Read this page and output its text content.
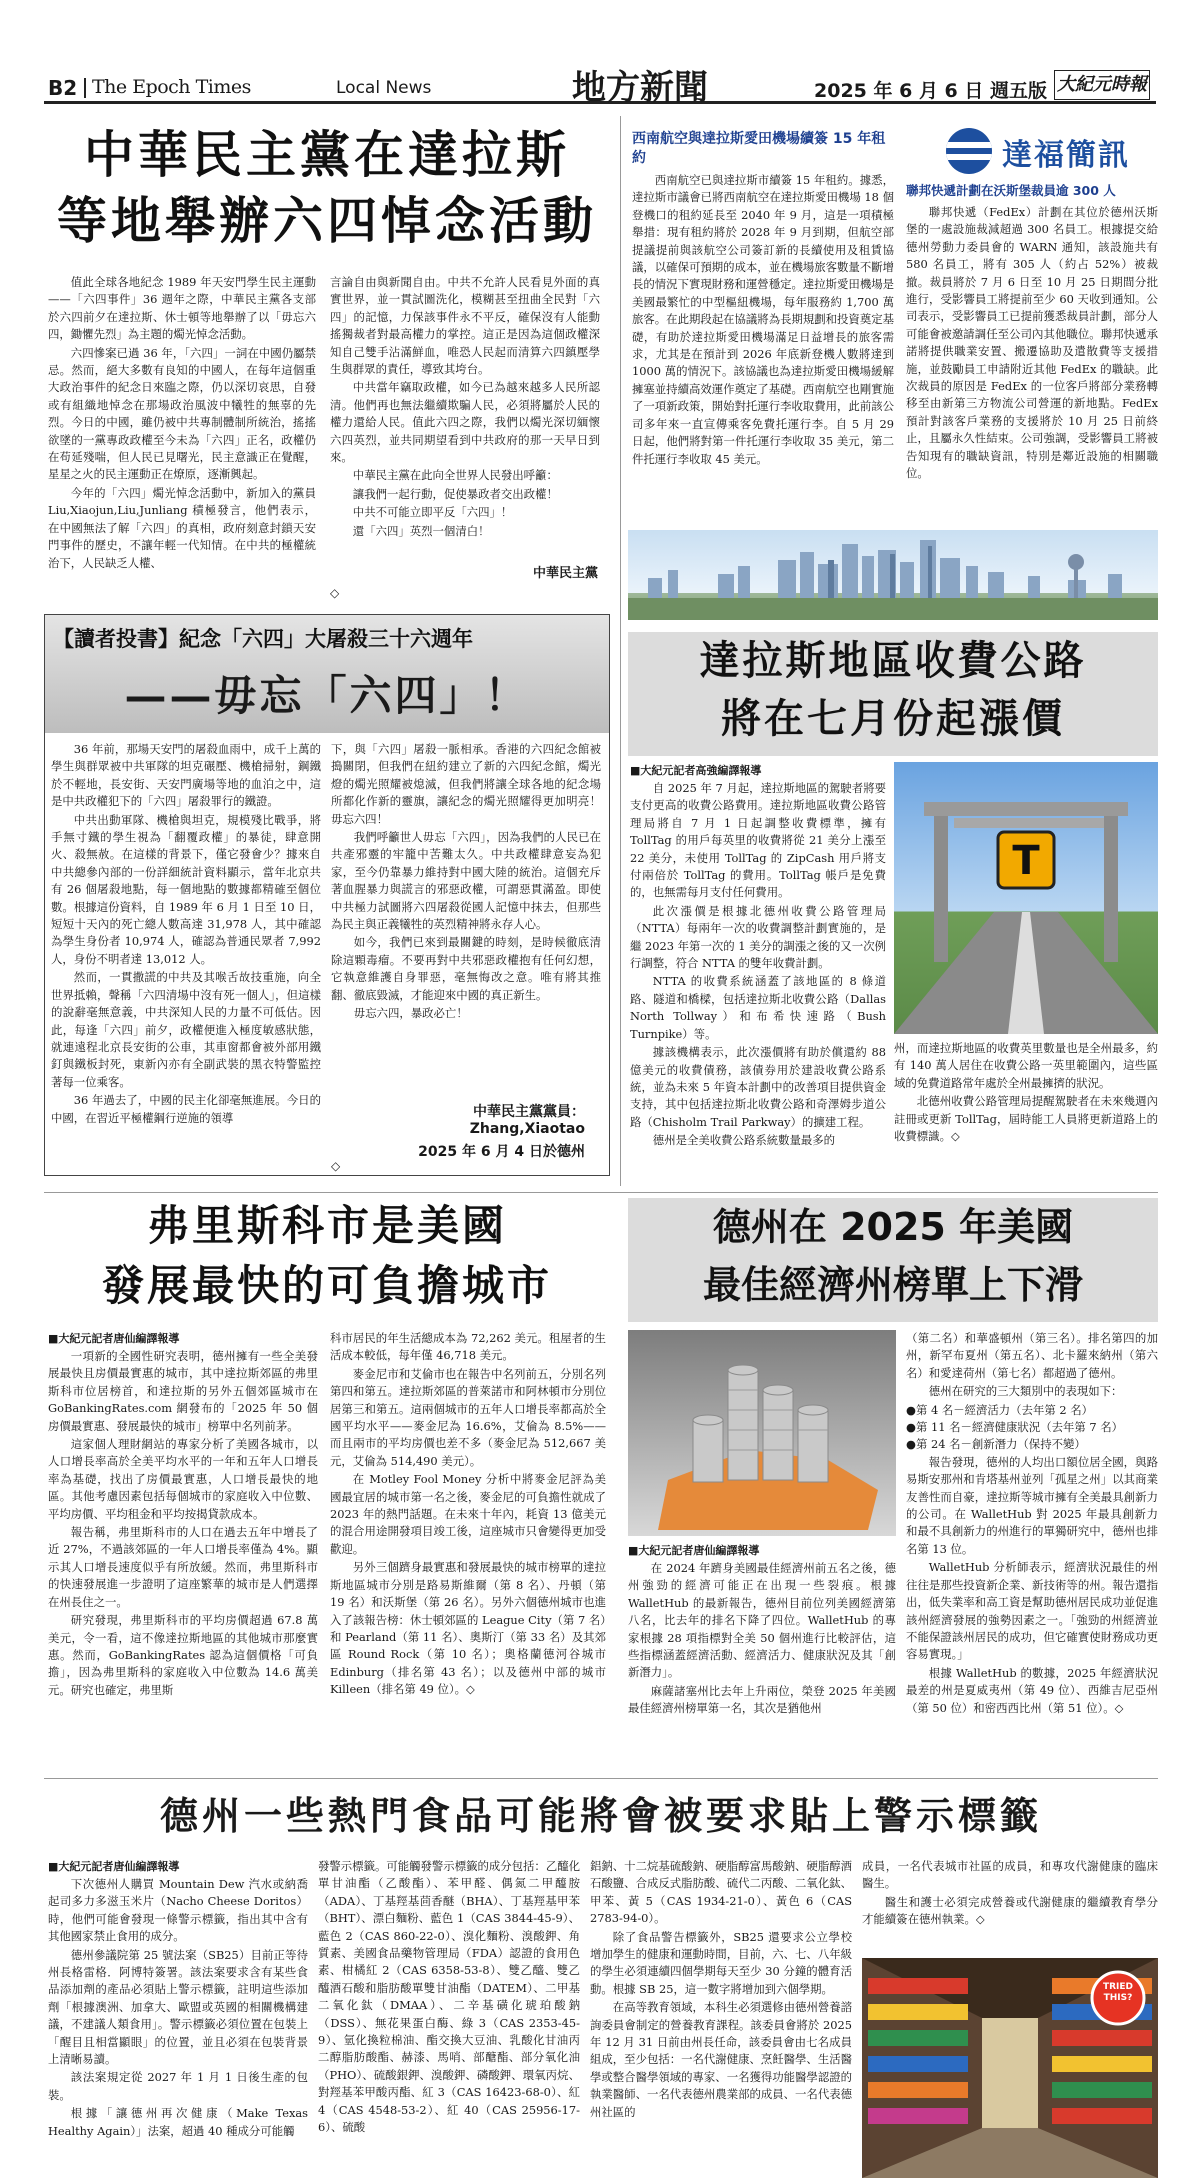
B2 The Epoch Times	Local News	地方新聞	2025 年 6 月 6 日 週五版 大紀元時報
中華民主黨在達拉斯
等地舉辦六四悼念活動

值此全球各地紀念 1989 年天安門學生民主運動——「六四事件」36 週年之際，中華民主黨各支部於六四前夕在達拉斯、休士頓等地舉辦了以「毋忘六四，鋤懼先烈」為主題的燭光悼念活動。

六四慘案已過 36 年，「六四」一詞在中國仍屬禁忌。然而，絕大多數有良知的中國人，在每年這個重大政治事件的紀念日來臨之際，仍以深切哀思，自發或有組織地悼念在那場政治風波中犧牲的無辜的先烈。今日的中國，雖仍被中共專制體制所統治，搖搖欲墜的一黨專政政權至今未為「六四」正名，政權仍在苟延殘喘，但人民已見曙光，民主意識正在覺醒，星星之火的民主運動正在燎原，逐漸興起。

今年的「六四」燭光悼念活動中，新加入的黨員 Liu,Xiaojun,Liu,Junliang 積極發言，他們表示，在中國無法了解「六四」的真相，政府刻意封鎖天安門事件的歷史，不讓年輕一代知情。在中共的極權統治下，人民缺乏人權、

言論自由與新聞自由。中共不允許人民看見外面的真實世界，並一貫試圖洗化，模糊甚至扭曲全民對「六四」的記憶，力保該事件永不平反，確保沒有人能動搖獨裁者對最高權力的掌控。這正是因為這個政權深知自己雙手沾滿鮮血，唯恐人民起而清算六四鎮壓學生與群眾的責任，導致其垮台。

中共當年竊取政權，如今已為越來越多人民所認清。他們再也無法繼續欺騙人民，必須將屬於人民的權力還給人民。值此六四之際，我們以燭光深切緬懷六四英烈，並共同期望看到中共政府的那一天早日到來。

中華民主黨在此向全世界人民發出呼籲：

讓我們一起行動，促使暴政者交出政權！

中共不可能立即平反「六四」！

還「六四」英烈一個清白！

中華民主黨
◇
西南航空與達拉斯愛田機場續簽 15 年租約

西南航空已與達拉斯市續簽 15 年租約。據悉，達拉斯市議會已將西南航空在達拉斯愛田機場 18 個登機口的租約延長至 2040 年 9 月，這是一項積極舉措：現有租約將於 2028 年 9 月到期，但航空部提議提前與該航空公司簽訂新的長續使用及租賃協議，以確保可預期的成本，並在機場旅客數量不斷增長的情況下實現財務和運營穩定。達拉斯愛田機場是美國最繁忙的中型樞紐機場，每年服務約 1,700 萬旅客。在此期段起在協議將為長期規劃和投資奠定基礎，有助於達拉斯愛田機場滿足日益增長的旅客需求，尤其是在預計到 2026 年底新登機人數將達到 1000 萬的情況下。該協議也為達拉斯愛田機場緩解擁塞並持續高效運作奠定了基礎。西南航空也剛實施了一項新政策，開始對托運行李收取費用，此前該公司多年來一直宣傳乘客免費托運行李。自 5 月 29 日起，他們將對第一件托運行李收取 35 美元，第二件托運行李收取 45 美元。

達福簡訊
聯邦快遞計劃在沃斯堡裁員逾 300 人

聯邦快遞（FedEx）計劃在其位於德州沃斯堡的一處設施裁減超過 300 名員工。根據提交給德州勞動力委員會的 WARN 通知，該設施共有 580 名員工，將有 305 人（約占 52%）被裁撤。裁員將於 7 月 6 日至 10 月 25 日期間分批進行，受影響員工將提前至少 60 天收到通知。公司表示，受影響員工已提前獲悉裁員計劃，部分人可能會被邀請調任至公司內其他職位。聯邦快遞承諾將提供職業安置、搬遷協助及遣散費等支援措施，並鼓勵員工申請附近其他 FedEx 的職缺。此次裁員的原因是 FedEx 的一位客戶將部分業務轉移至由新第三方物流公司營運的新地點。FedEx 預計對該客戶業務的支援將於 10 月 25 日前終止，且屬永久性結束。公司強調，受影響員工將被告知現有的職缺資訊，特別是鄰近設施的相關職位。

【讀者投書】紀念「六四」大屠殺三十六週年
——毋忘「六四」！

36 年前，那場天安門的屠殺血雨中，成千上萬的學生與群眾被中共軍隊的坦克碾壓、機槍掃射，鋼鐵於不輕地，長安街、天安門廣場等地的血泊之中，這是中共政權犯下的「六四」屠殺罪行的鐵證。

中共出動軍隊、機槍與坦克，規模殘比戰爭，將手無寸鐵的學生視為「翻覆政權」的暴徒，肆意開火、殺無赦。在這樣的背景下，僅它發會少？據來自中共總參內部的一份詳細統計資料顯示，當年北京共有 26 個屠殺地點，每一個地點的數據都精確至個位數。根據這份資料，自 1989 年 6 月 1 日至 10 日，短短十天內的死亡總人數高達 31,978 人，其中確認為學生身份者 10,974 人，確認為普通民眾者 7,992 人，身份不明者達 13,012 人。

然而，一貫撒謊的中共及其喉舌故技重施，向全世界抵賴，聲稱「六四清場中沒有死一個人」，但這樣的說辭毫無意義，中共深知人民的力量不可低估。因此，每逢「六四」前夕，政權便進入極度敏感狀態，就連遠程北京長安街的公車，其車窗都會被外部用鐵釘與鐵板封死，東新內亦有全副武裝的黑衣特警監控著每一位乘客。

36 年過去了，中國的民主化卻毫無進展。今日的中國，在習近平極權鋼行逆施的領導

下，與「六四」屠殺一脈相承。香港的六四紀念館被搗關閉，但我們在紐約建立了新的六四紀念館，燭光燈的燭光照耀被熄滅，但我們將讓全球各地的紀念場所都化作新的靈旗，讓紀念的燭光照耀得更加明亮！毋忘六四！

我們呼籲世人毋忘「六四」，因為我們的人民已在共產邪靈的牢籠中苦難太久。中共政權肆意妄為犯家，至今仍靠暴力維持對中國大陸的統治。這個充斥著血腥暴力與謊言的邪惡政權，可謂惡貫滿盈。即使中共極力試圖將六四屠殺從國人記憶中抹去，但那些為民主與正義犧牲的英烈精神將永存人心。

如今，我們已來到最關鍵的時刻，是時候徹底清除這顆毒瘤。不要再對中共邪惡政權抱有任何幻想，它執意維護自身罪惡，毫無悔改之意。唯有將其推翻、徹底毀滅，才能迎來中國的真正新生。

毋忘六四，暴政必亡！

中華民主黨黨員：
Zhang,Xiaotao
2025 年 6 月 4 日於德州
◇
達拉斯地區收費公路
將在七月份起漲價
■大紀元記者高強編譯報導

自 2025 年 7 月起，達拉斯地區的駕駛者將要支付更高的收費公路費用。達拉斯地區收費公路管理局將自 7 月 1 日起調整收費標準，擁有 TollTag 的用戶每英里的收費將從 21 美分上漲至 22 美分，未使用 TollTag 的 ZipCash 用戶將支付兩倍於 TollTag 的費用。TollTag 帳戶是免費的，也無需每月支付任何費用。

此次漲價是根據北德州收費公路管理局（NTTA）每兩年一次的收費調整計劃實施的，是繼 2023 年第一次的 1 美分的調漲之後的又一次例行調整，符合 NTTA 的雙年收費計劃。

NTTA 的收費系統涵蓋了該地區的 8 條道路、隧道和橋樑，包括達拉斯北收費公路（Dallas North Tollway）和布希快速路（Bush Turnpike）等。

據該機構表示，此次漲價將有助於償還約 88 億美元的收費債務，該債券用於建設收費公路系統，並為未來 5 年資本計劃中的改善項目提供資金支持，其中包括達拉斯北收費公路和奇澤姆步道公路（Chisholm Trail Parkway）的擴建工程。

德州是全美收費公路系統數量最多的

T

州，而達拉斯地區的收費英里數量也是全州最多，約有 140 萬人居住在收費公路一英里範圍內，這些區域的免費道路常年處於全州最擁擠的狀況。

北德州收費公路管理局提醒駕駛者在未來幾週內註冊或更新 TollTag，屆時能工人員將更新道路上的收費標識。◇

弗里斯科市是美國
發展最快的可負擔城市
■大紀元記者唐仙編譯報導

一項新的全國性研究表明，德州擁有一些全美發展最快且房價最實惠的城市，其中達拉斯郊區的弗里斯科市位居榜首，和達拉斯的另外五個郊區城市在 GoBankingRates.com 網發布的「2025 年 50 個房價最實惠、發展最快的城市」榜單中名列前茅。

這家個人理財網站的專家分析了美國各城市，以人口增長率高於全美平均水平的一年和五年人口增長率為基礎，找出了房價最實惠，人口增長最快的地區。其他考慮因素包括每個城市的家庭收入中位數、平均房價、平均租金和平均按揭貸款成本。

報告稱，弗里斯科市的人口在過去五年中增長了近 27%，不過該郊區的一年人口增長率僅為 4%。顯示其人口增長速度似乎有所放緩。然而，弗里斯科市的快速發展進一步證明了這座繁華的城市是人們選擇在州長住之一。

研究發現，弗里斯科市的平均房價超過 67.8 萬美元，令一看，這不像達拉斯地區的其他城市那麼實惠。然而，GoBankingRates 認為這個價格「可負擔」，因為弗里斯科的家庭收入中位數為 14.6 萬美元。研究也確定，弗里斯

科市居民的年生活總成本為 72,262 美元。租屋者的生活成本較低，每年僅 46,718 美元。

麥金尼市和艾倫市也在報告中名列前五，分別名列第四和第五。達拉斯郊區的普萊諾市和阿林頓市分別位居第三和第五。這兩個城市的五年人口增長率都高於全國平均水平——麥金尼為 16.6%，艾倫為 8.5%——而且兩市的平均房價也差不多（麥金尼為 512,667 美元，艾倫為 514,490 美元）。

在 Motley Fool Money 分析中將麥金尼評為美國最宜居的城市第一名之後，麥金尼的可負擔性就成了 2023 年的熱門話題。在未來十年內，耗資 13 億美元的混合用途開發項目竣工後，這座城市只會變得更加受歡迎。

另外三個躋身最實惠和發展最快的城市榜單的達拉斯地區城市分別是路易斯維爾（第 8 名）、丹頓（第 19 名）和沃斯堡（第 26 名）。另外六個德州城市也進入了該報告榜：休士頓郊區的 League City（第 7 名）和 Pearland（第 11 名）、奧斯汀（第 33 名）及其郊區 Round Rock（第 10 名）；奧格蘭德河谷城市 Edinburg（排名第 43 名）；以及德州中部的城市 Killeen（排名第 49 位）。◇

德州在 2025 年美國
最佳經濟州榜單上下滑
■大紀元記者唐仙編譯報導

在 2024 年躋身美國最佳經濟州前五名之後，德州強勁的經濟可能正在出現一些裂痕。根據 WalletHub 的最新報告，德州目前位列美國經濟第八名，比去年的排名下降了四位。WalletHub 的專家根據 28 項指標對全美 50 個州進行比較評估，這些指標涵蓋經濟活動、經濟活力、健康狀況及其「創新潛力」。

麻薩諸塞州比去年上升兩位，榮登 2025 年美國最佳經濟州榜單第一名，其次是猶他州

（第二名）和華盛頓州（第三名）。排名第四的加州，新罕布夏州（第五名）、北卡羅來納州（第六名）和愛達荷州（第七名）都超過了德州。

德州在研究的三大類別中的表現如下：

●第 4 名－經濟活力（去年第 2 名）
●第 11 名－經濟健康狀況（去年第 7 名）
●第 24 名－創新潛力（保持不變）

報告發現，德州的人均出口額位居全國，與路易斯安那州和肯塔基州並列「孤星之州」以其商業友善性而自豪，達拉斯等城市擁有全美最具創新力的公司。在 WalletHub 對 2025 年最具創新力和最不具創新力的州進行的單獨研究中，德州也排名第 13 位。

WalletHub 分析師表示，經濟狀況最佳的州往往是那些投資新企業、新技術等的州。報告還指出，低失業率和高工資是幫助德州居民成功並促進該州經濟發展的強勢因素之一。「強勁的州經濟並不能保證該州居民的成功，但它確實使財務成功更容易實現。」

根據 WalletHub 的數據，2025 年經濟狀況最差的州是夏威夷州（第 49 位）、西維吉尼亞州（第 50 位）和密西西比州（第 51 位）。◇

德州一些熱門食品可能將會被要求貼上警示標籤
■大紀元記者唐仙編譯報導

下次德州人購買 Mountain Dew 汽水或納喬起司多力多滋玉米片（Nacho Cheese Doritos）時，他們可能會發現一條警示標籤，指出其中含有其他國家禁止食用的成分。

德州參議院第 25 號法案（SB25）目前正等待州長格雷格．阿博特簽署。該法案要求含有某些食品添加劑的產品必須貼上警示標籤，註明這些添加劑「根據澳洲、加拿大、歐盟或英國的相關機構建議，不建議人類食用」。警示標籤必須位置在包裝上「醒目且相當顯眼」的位置，並且必須在包裝背景上清晰易讀。

該法案規定從 2027 年 1 月 1 日後生產的包裝。

根據「讓德州再次健康（Make Texas Healthy Again）」法案，超過 40 種成分可能觸

發警示標籤。可能觸發警示標籤的成分包括：乙醯化單甘油酯（乙酸酯）、苯甲醛、偶氮二甲醯胺（ADA）、丁基羥基茴香醚（BHA）、丁基羥基甲苯（BHT）、漂白麵粉、藍色 1（CAS 3844-45-9）、藍色 2（CAS 860-22-0）、溴化麵粉、溴酸鉀、角質素、美國食品藥物管理局（FDA）認證的食用色素、柑橘紅 2（CAS 6358-53-8）、雙乙醯、雙乙醯酒石酸和脂肪酸單雙甘油酯（DATEM）、二甲基二氧化鈦（DMAA）、二辛基磺化琥珀酸鈉（DSS）、無花果蛋白酶、綠 3（CAS 2353-45-9）、氫化換粒棉油、酯交換大豆油、乳酸化甘油丙二醇脂肪酸酯、赫漆、馬哨、部醣酯、部分氧化油（PHO）、硫酸銀鉀、溴酸鉀、磷酸鉀、環氧丙烷、對羥基苯甲酸丙酯、紅 3（CAS 16423-68-0）、紅 4（CAS 4548-53-2）、紅 40（CAS 25956-17-6）、硫酸

鋁鈉、十二烷基硫酸鈉、硬脂醇富馬酸鈉、硬脂醇酒石酸鹽、合成反式脂肪酸、硫代二丙酸、二氧化鈦、甲苯、黃 5（CAS 1934-21-0）、黃色 6（CAS 2783-94-0）。

除了食品警告標籤外，SB25 還要求公立學校增加學生的健康和運動時間，目前，六、七、八年級的學生必須連續四個學期每天至少 30 分鐘的體育活動。根據 SB 25，這一數字將增加到六個學期。

在高等教育領域，本科生必須選修由德州營養諮詢委員會制定的營養教育課程。該委員會將於 2025 年 12 月 31 日前由州長任命，該委員會由七名成員組成，至少包括：一名代謝健康、烹飪醫學、生活醫學或整合醫學領域的專家、一名獲得功能醫學認證的執業醫師、一名代表德州農業部的成員、一名代表德州社區的

成員，一名代表城市社區的成員，和專攻代謝健康的臨床醫生。

醫生和護士必須完成營養或代謝健康的繼續教育學分才能續簽在德州執業。◇

TRIED THIS?
